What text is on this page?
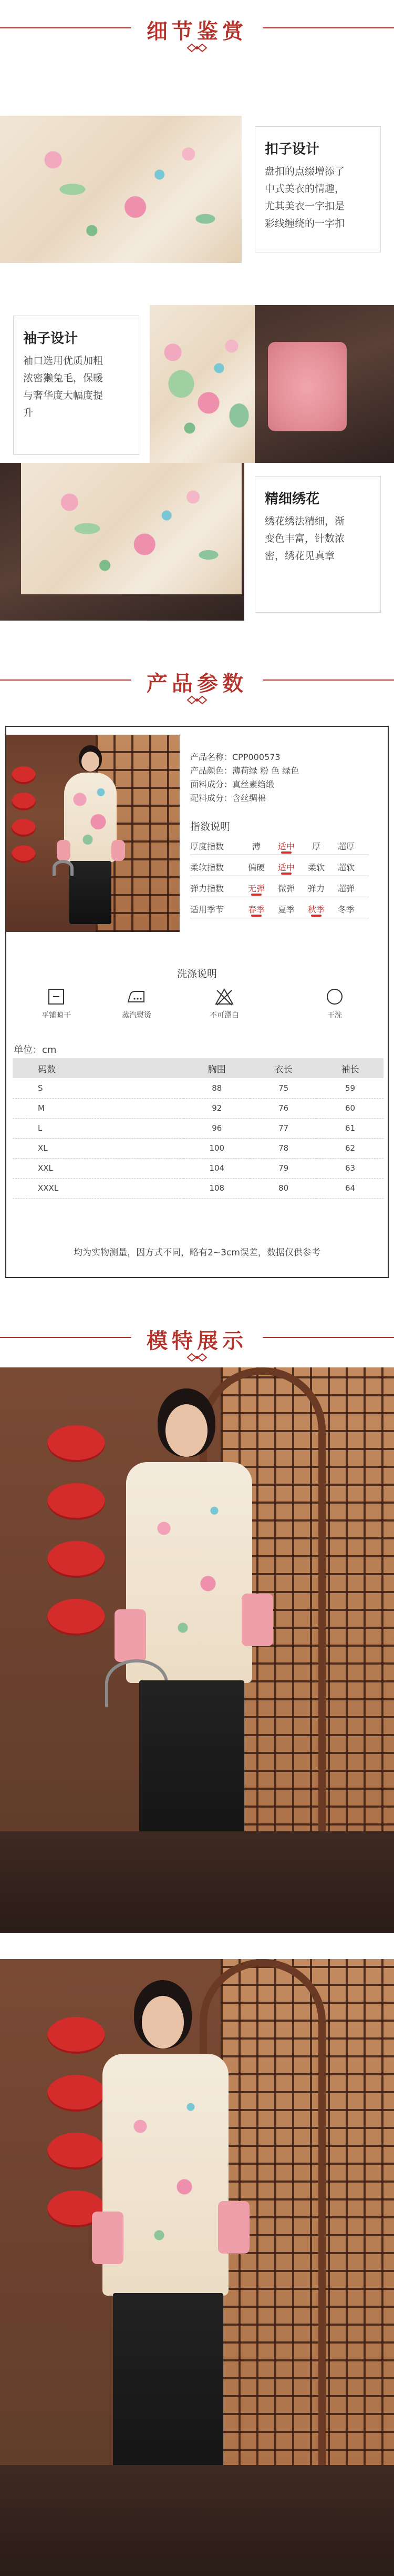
细节鉴赏
扣子设计
盘扣的点缀增添了
中式美衣的情趣，
尤其美衣一字扣是
彩线缠绕的一字扣
袖子设计
袖口选用优质加粗
浓密獭兔毛，保暖
与奢华度大幅度提
升
精细绣花
绣花绣法精细，渐
变色丰富，针数浓
密，绣花见真章
产品参数
产品名称：CPP000573
产品颜色：薄荷绿 粉 色 绿色
面料成分：真丝素绉缎
配料成分：含丝绸棉
指数说明
厚度指数	薄	适中	厚	超厚
柔软指数	偏硬	适中	柔软	超软
弹力指数	无弹	微弹	弹力	超弹
适用季节	春季	夏季	秋季	冬季
洗涤说明
平铺晾干	蒸汽熨烫	不可漂白	干洗
单位：cm
码数	胸围	衣长	袖长
S	88	75	59
M	92	76	60
L	96	77	61
XL	100	78	62
XXL	104	79	63
XXXL	108	80	64
均为实物测量，因方式不同，略有2~3cm误差，数据仅供参考
模特展示
